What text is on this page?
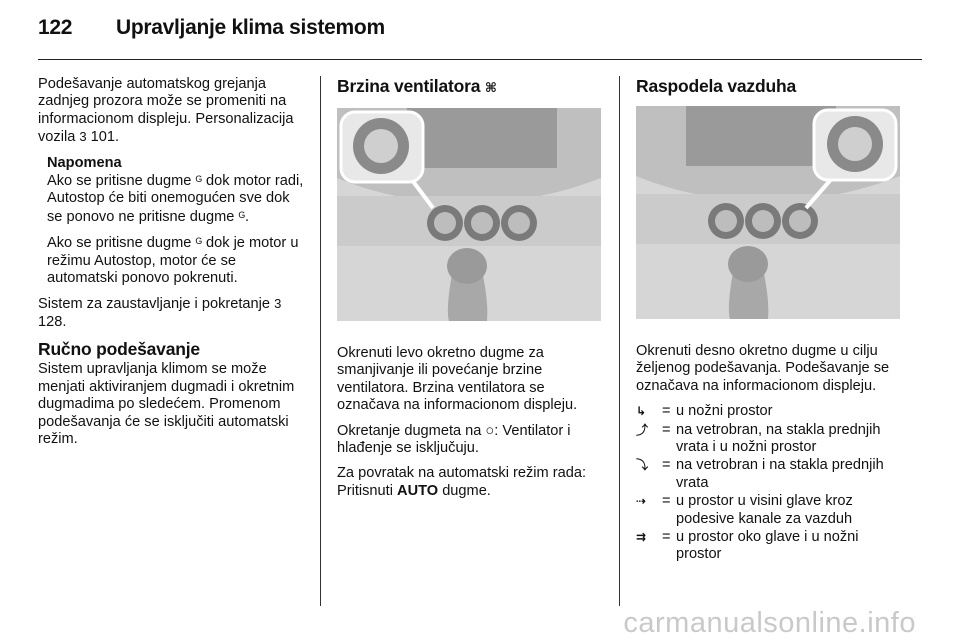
122 Upravljanje klima sistemom

Podešavanje automatskog grejanja zadnjeg prozora može se promeniti na informacionom displeju. Personalizacija vozila 3 101.

Napomena
Ako se pritisne dugme ᴳ dok motor radi, Autostop će biti onemogućen sve dok se ponovo ne pritisne dugme ᴳ.

Ako se pritisne dugme ᴳ dok je motor u režimu Autostop, motor će se automatski ponovo pokrenuti.

Sistem za zaustavljanje i pokretanje 3 128.

Ručno podešavanje

Sistem upravljanja klimom se može menjati aktiviranjem dugmadi i okretnim dugmadima po sledećem. Promenom podešavanja će se isključiti automatski režim.

Brzina ventilatora ⌘

Okrenuti levo okretno dugme za smanjivanje ili povećanje brzine ventilatora. Brzina ventilatora se označava na informacionom displeju.

Okretanje dugmeta na ○: Ventilator i hlađenje se isključuju.

Za povratak na automatski režim rada: Pritisnuti AUTO dugme.

Raspodela vazduha

Okrenuti desno okretno dugme u cilju željenog podešavanja. Podešavanje se označava na informacionom displeju.

↳	=	u nožni prostor
⤴	=	na vetrobran, na stakla prednjih vrata i u nožni prostor
⤵	=	na vetrobran i na stakla prednjih vrata
⇢	=	u prostor u visini glave kroz podesive kanale za vazduh
⇉	=	u prostor oko glave i u nožni prostor
carmanualsonline.info
